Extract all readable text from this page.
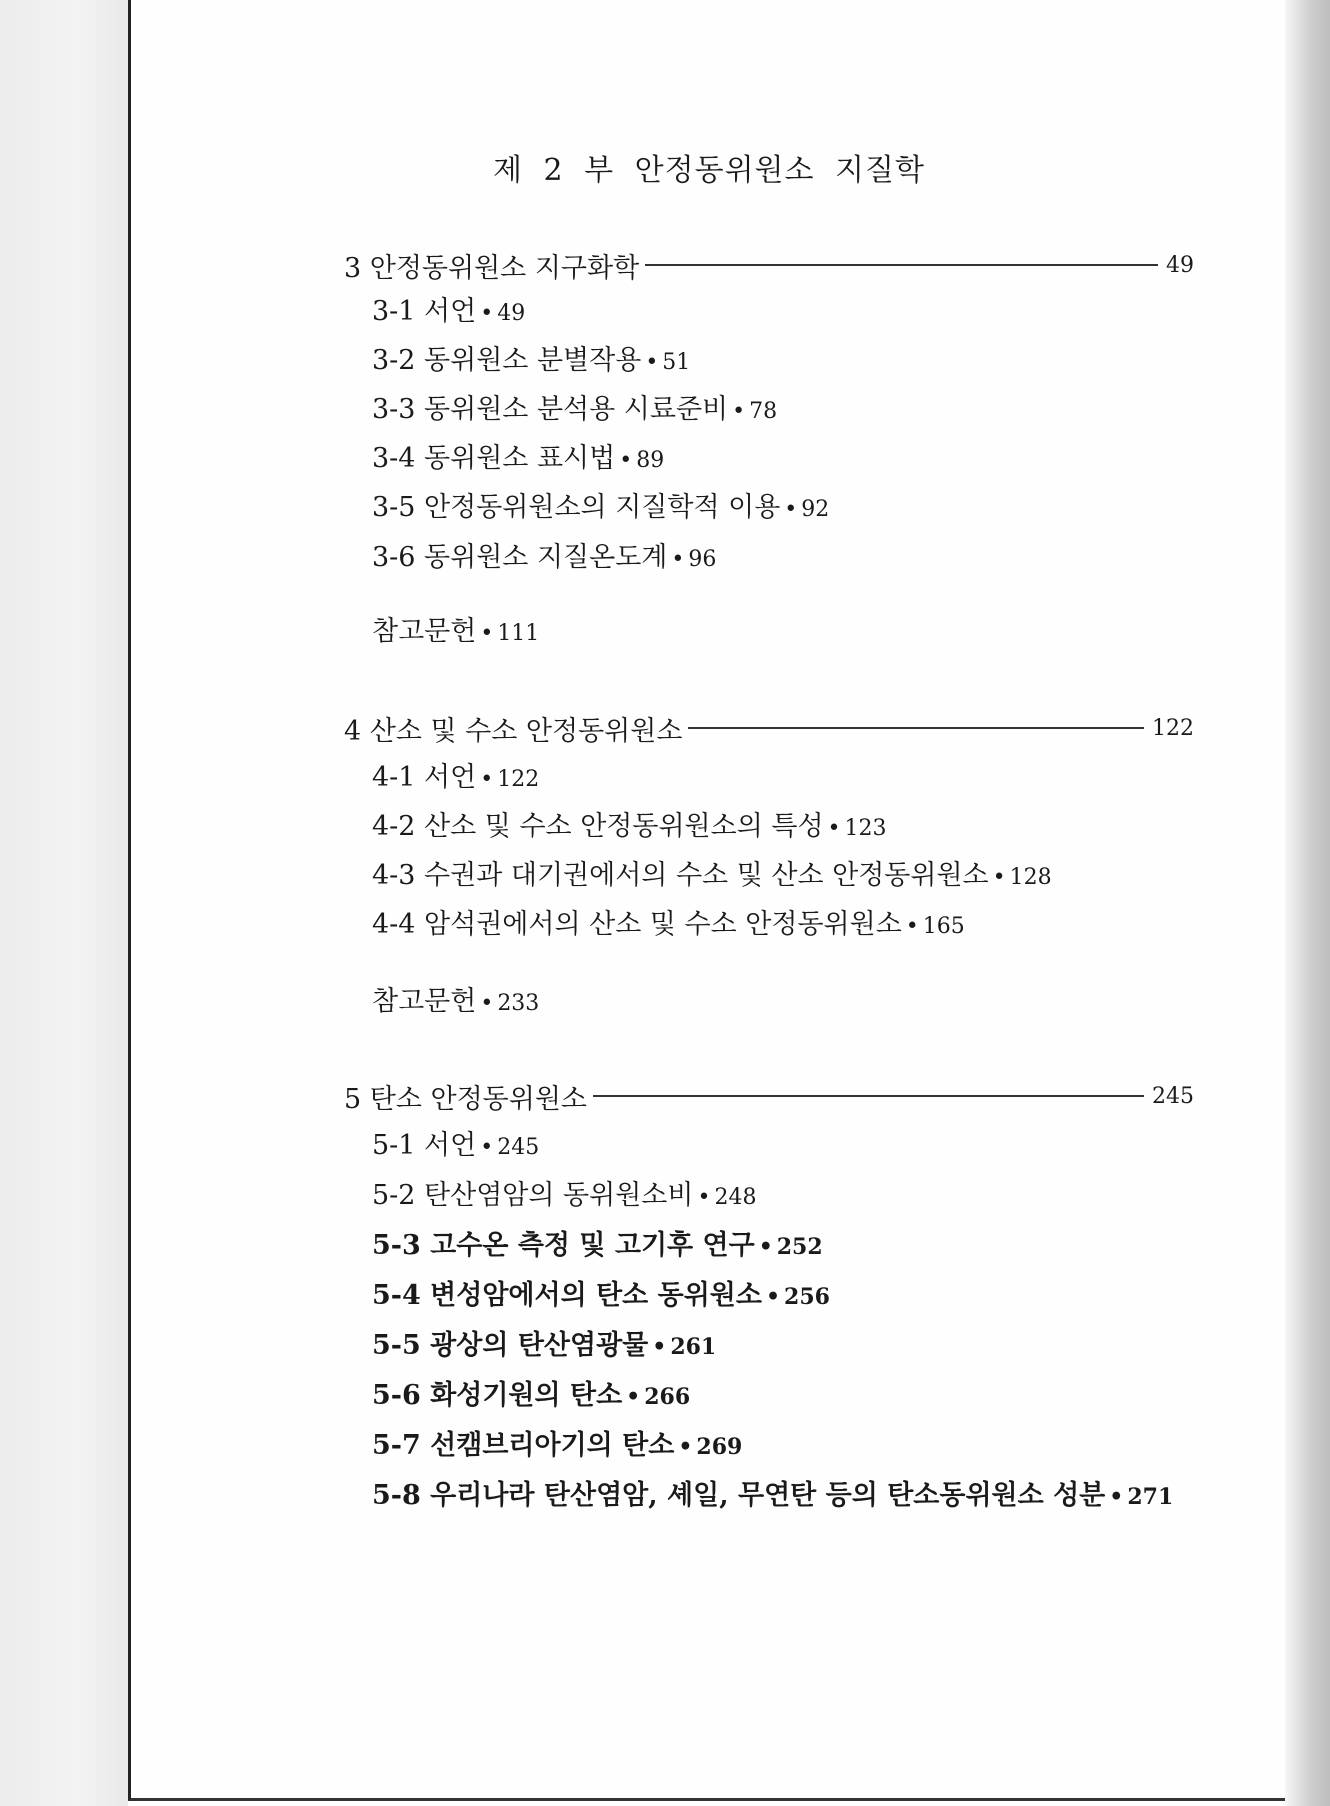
제 2 부 안정동위원소 지질학
3 안정동위원소 지구화학	49
3-1 서언 • 49
3-2 동위원소 분별작용 • 51
3-3 동위원소 분석용 시료준비 • 78
3-4 동위원소 표시법 • 89
3-5 안정동위원소의 지질학적 이용 • 92
3-6 동위원소 지질온도계 • 96
참고문헌 • 111
4 산소 및 수소 안정동위원소	122
4-1 서언 • 122
4-2 산소 및 수소 안정동위원소의 특성 • 123
4-3 수권과 대기권에서의 수소 및 산소 안정동위원소 • 128
4-4 암석권에서의 산소 및 수소 안정동위원소 • 165
참고문헌 • 233
5 탄소 안정동위원소	245
5-1 서언 • 245
5-2 탄산염암의 동위원소비 • 248
5-3 고수온 측정 및 고기후 연구 • 252
5-4 변성암에서의 탄소 동위원소 • 256
5-5 광상의 탄산염광물 • 261
5-6 화성기원의 탄소 • 266
5-7 선캠브리아기의 탄소 • 269
5-8 우리나라 탄산염암, 셰일, 무연탄 등의 탄소동위원소 성분 • 271
